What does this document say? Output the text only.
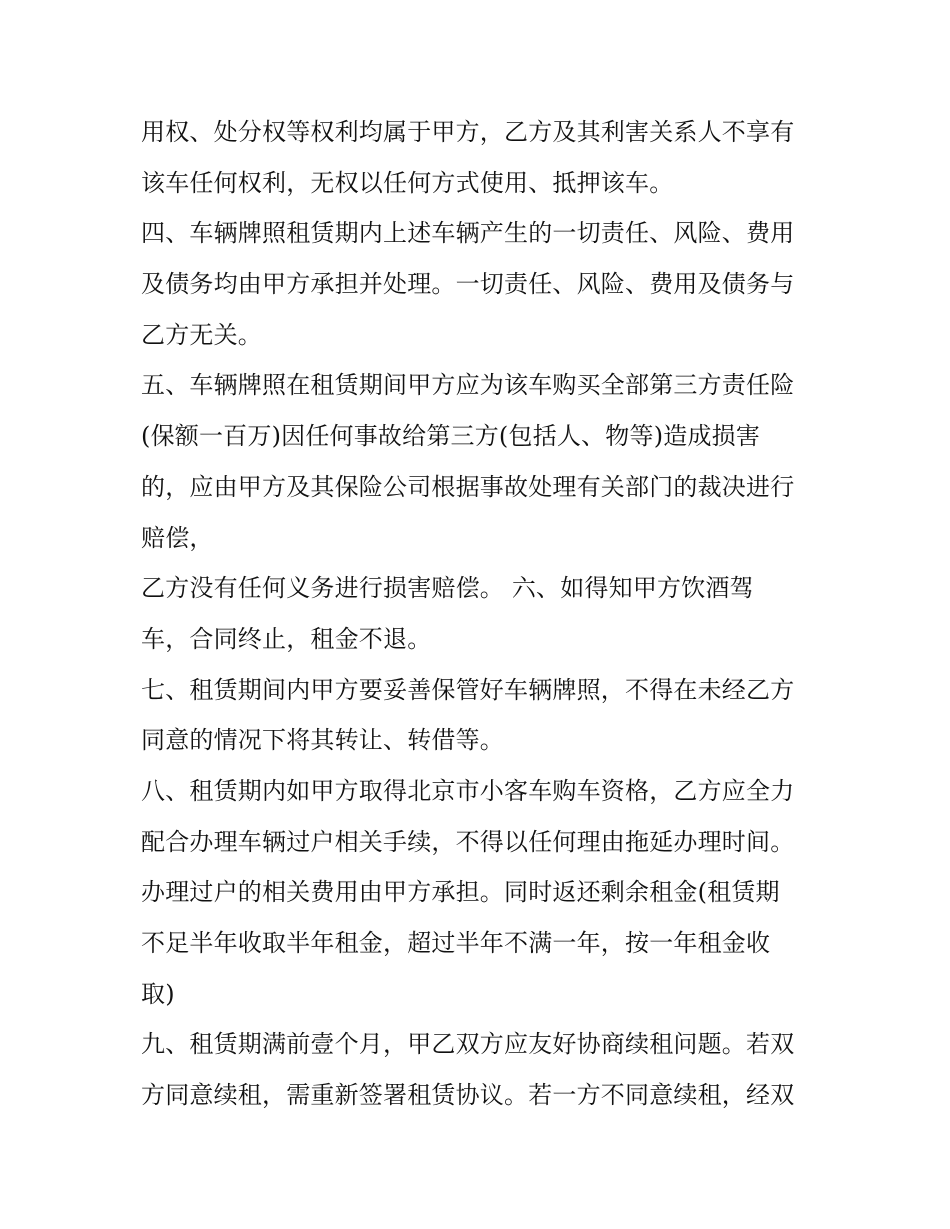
用权、处分权等权利均属于甲方，乙方及其利害关系人不享有
该车任何权利，无权以任何方式使用、抵押该车。
四、车辆牌照租赁期内上述车辆产生的一切责任、风险、费用
及债务均由甲方承担并处理。一切责任、风险、费用及债务与
乙方无关。
五、车辆牌照在租赁期间甲方应为该车购买全部第三方责任险
(保额一百万)因任何事故给第三方(包括人、物等)造成损害
的，应由甲方及其保险公司根据事故处理有关部门的裁决进行
赔偿，
乙方没有任何义务进行损害赔偿。 六、如得知甲方饮酒驾
车，合同终止，租金不退。
七、租赁期间内甲方要妥善保管好车辆牌照，不得在未经乙方
同意的情况下将其转让、转借等。
八、租赁期内如甲方取得北京市小客车购车资格，乙方应全力
配合办理车辆过户相关手续，不得以任何理由拖延办理时间。
办理过户的相关费用由甲方承担。同时返还剩余租金(租赁期
不足半年收取半年租金，超过半年不满一年，按一年租金收
取)
九、租赁期满前壹个月，甲乙双方应友好协商续租问题。若双
方同意续租，需重新签署租赁协议。若一方不同意续租，经双
